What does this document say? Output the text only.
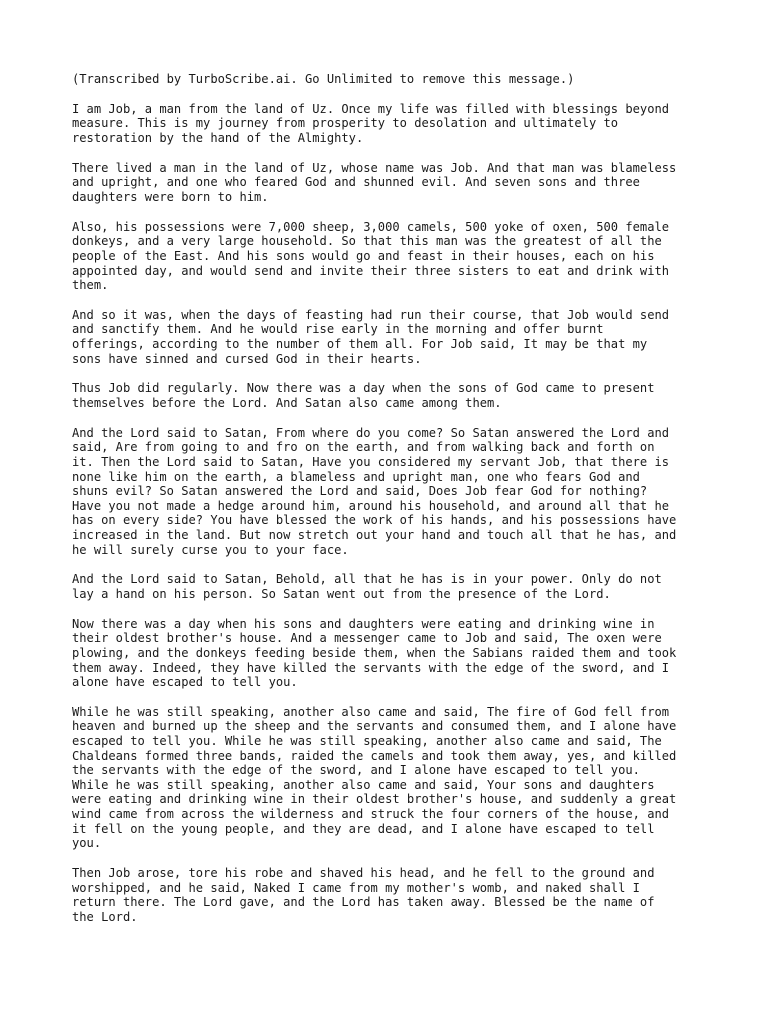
(Transcribed by TurboScribe.ai. Go Unlimited to remove this message.)

I am Job, a man from the land of Uz. Once my life was filled with blessings beyond
measure. This is my journey from prosperity to desolation and ultimately to
restoration by the hand of the Almighty.

There lived a man in the land of Uz, whose name was Job. And that man was blameless
and upright, and one who feared God and shunned evil. And seven sons and three
daughters were born to him.

Also, his possessions were 7,000 sheep, 3,000 camels, 500 yoke of oxen, 500 female
donkeys, and a very large household. So that this man was the greatest of all the
people of the East. And his sons would go and feast in their houses, each on his
appointed day, and would send and invite their three sisters to eat and drink with
them.

And so it was, when the days of feasting had run their course, that Job would send
and sanctify them. And he would rise early in the morning and offer burnt
offerings, according to the number of them all. For Job said, It may be that my
sons have sinned and cursed God in their hearts.

Thus Job did regularly. Now there was a day when the sons of God came to present
themselves before the Lord. And Satan also came among them.

And the Lord said to Satan, From where do you come? So Satan answered the Lord and
said, Are from going to and fro on the earth, and from walking back and forth on
it. Then the Lord said to Satan, Have you considered my servant Job, that there is
none like him on the earth, a blameless and upright man, one who fears God and
shuns evil? So Satan answered the Lord and said, Does Job fear God for nothing?
Have you not made a hedge around him, around his household, and around all that he
has on every side? You have blessed the work of his hands, and his possessions have
increased in the land. But now stretch out your hand and touch all that he has, and
he will surely curse you to your face.

And the Lord said to Satan, Behold, all that he has is in your power. Only do not
lay a hand on his person. So Satan went out from the presence of the Lord.

Now there was a day when his sons and daughters were eating and drinking wine in
their oldest brother's house. And a messenger came to Job and said, The oxen were
plowing, and the donkeys feeding beside them, when the Sabians raided them and took
them away. Indeed, they have killed the servants with the edge of the sword, and I
alone have escaped to tell you.

While he was still speaking, another also came and said, The fire of God fell from
heaven and burned up the sheep and the servants and consumed them, and I alone have
escaped to tell you. While he was still speaking, another also came and said, The
Chaldeans formed three bands, raided the camels and took them away, yes, and killed
the servants with the edge of the sword, and I alone have escaped to tell you.
While he was still speaking, another also came and said, Your sons and daughters
were eating and drinking wine in their oldest brother's house, and suddenly a great
wind came from across the wilderness and struck the four corners of the house, and
it fell on the young people, and they are dead, and I alone have escaped to tell
you.

Then Job arose, tore his robe and shaved his head, and he fell to the ground and
worshipped, and he said, Naked I came from my mother's womb, and naked shall I
return there. The Lord gave, and the Lord has taken away. Blessed be the name of
the Lord.
